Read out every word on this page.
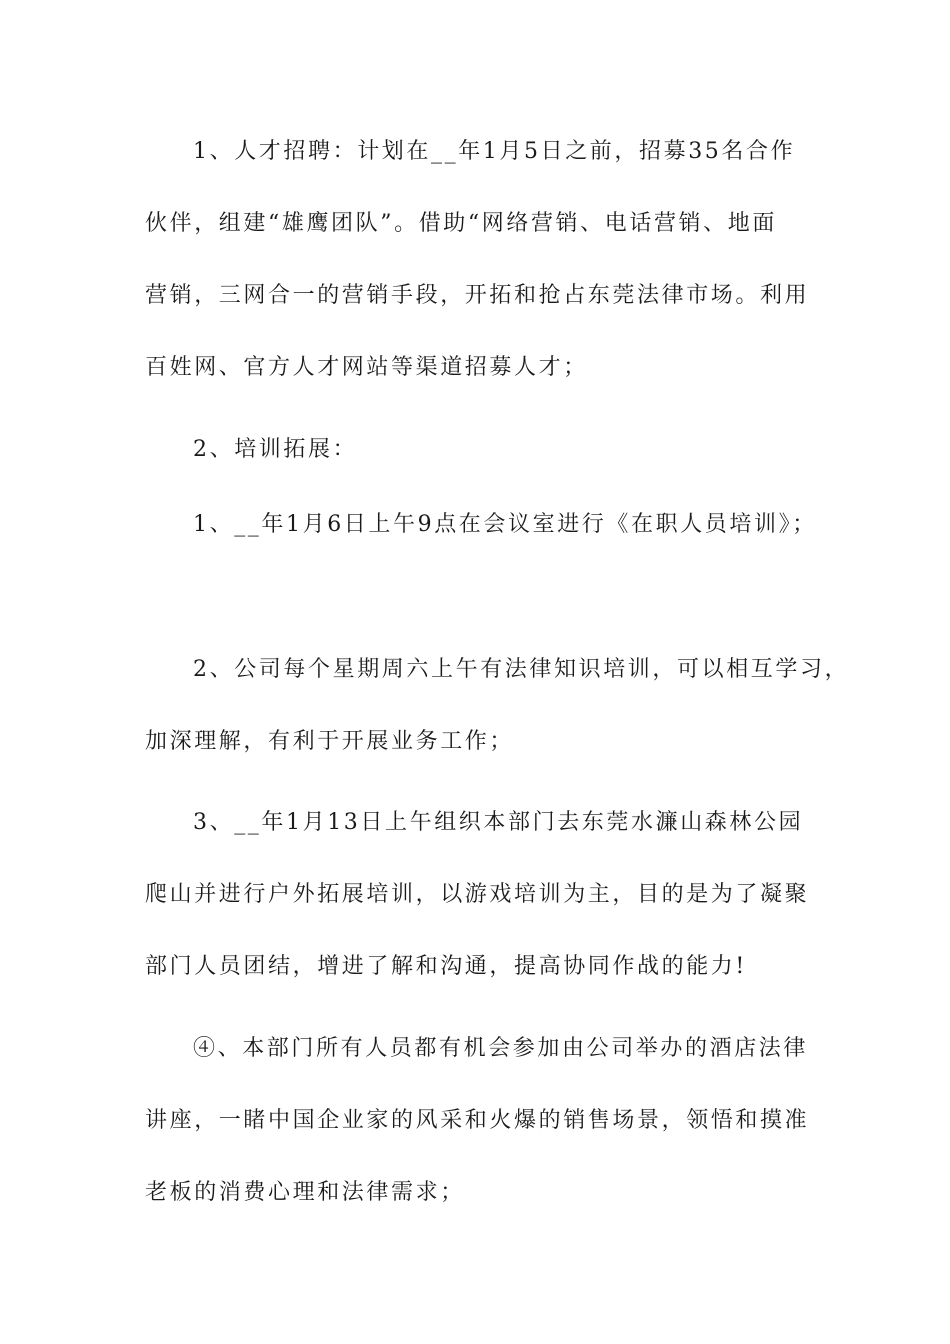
1、人才招聘：计划在__年1月5日之前，招募35名合作
伙伴，组建“雄鹰团队”。借助“网络营销、电话营销、地面
营销，三网合一的营销手段，开拓和抢占东莞法律市场。利用
百姓网、官方人才网站等渠道招募人才；

2、培训拓展：

1、__年1月6日上午9点在会议室进行《在职人员培训》；

2、公司每个星期周六上午有法律知识培训，可以相互学习，
加深理解，有利于开展业务工作；

3、__年1月13日上午组织本部门去东莞水濂山森林公园
爬山并进行户外拓展培训，以游戏培训为主，目的是为了凝聚
部门人员团结，增进了解和沟通，提高协同作战的能力!

④、本部门所有人员都有机会参加由公司举办的酒店法律
讲座，一睹中国企业家的风采和火爆的销售场景，领悟和摸准
老板的消费心理和法律需求；
